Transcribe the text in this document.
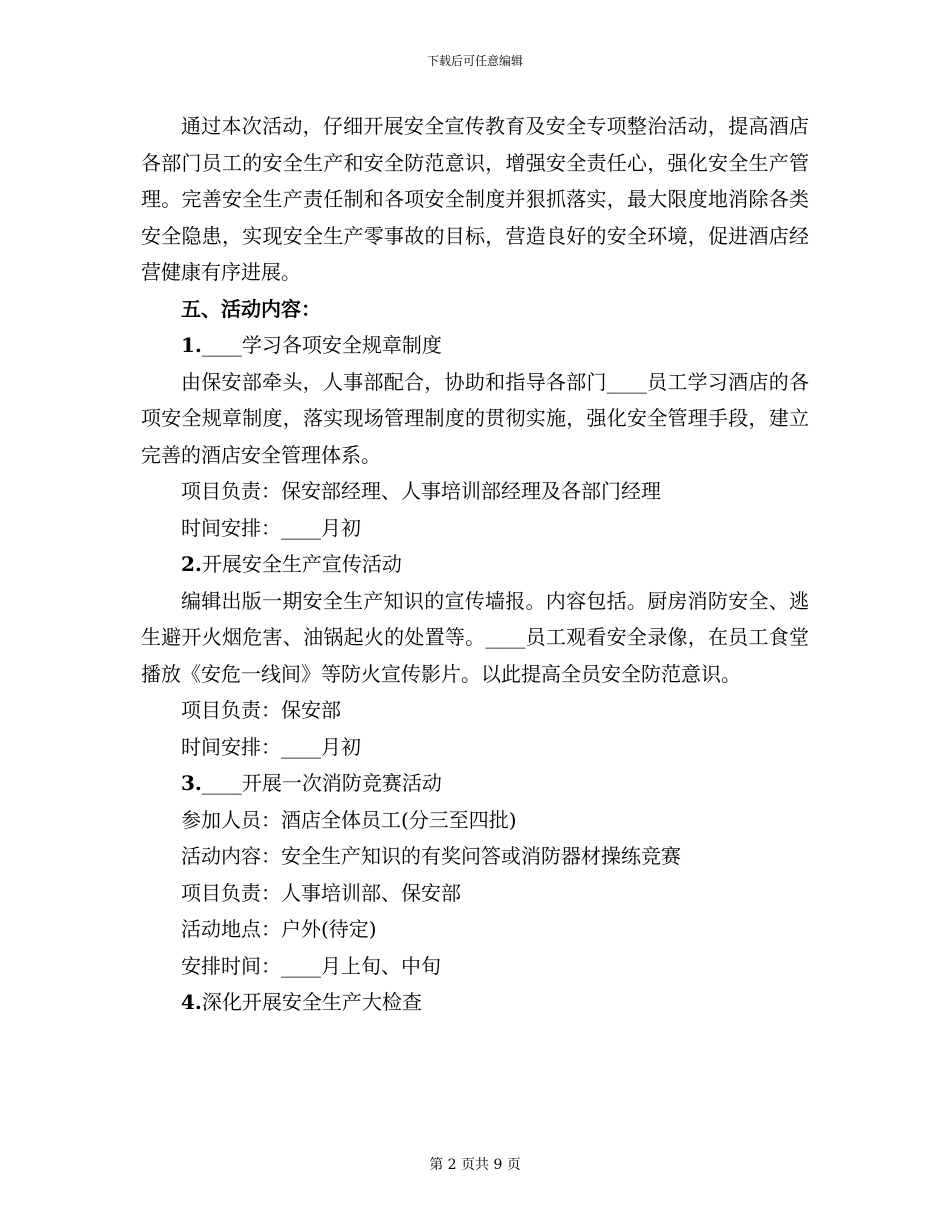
下载后可任意编辑

通过本次活动，仔细开展安全宣传教育及安全专项整治活动，提高酒店各部门员工的安全生产和安全防范意识，增强安全责任心，强化安全生产管理。完善安全生产责任制和各项安全制度并狠抓落实，最大限度地消除各类安全隐患，实现安全生产零事故的目标，营造良好的安全环境，促进酒店经营健康有序进展。

五、活动内容：

1.____学习各项安全规章制度

由保安部牵头，人事部配合，协助和指导各部门____员工学习酒店的各项安全规章制度，落实现场管理制度的贯彻实施，强化安全管理手段，建立完善的酒店安全管理体系。

项目负责：保安部经理、人事培训部经理及各部门经理

时间安排：____月初

2.开展安全生产宣传活动

编辑出版一期安全生产知识的宣传墙报。内容包括。厨房消防安全、逃生避开火烟危害、油锅起火的处置等。____员工观看安全录像，在员工食堂播放《安危一线间》等防火宣传影片。以此提高全员安全防范意识。

项目负责：保安部

时间安排：____月初

3.____开展一次消防竞赛活动

参加人员：酒店全体员工(分三至四批)

活动内容：安全生产知识的有奖问答或消防器材操练竞赛

项目负责：人事培训部、保安部

活动地点：户外(待定)

安排时间：____月上旬、中旬

4.深化开展安全生产大检查

第 2 页共 9 页
